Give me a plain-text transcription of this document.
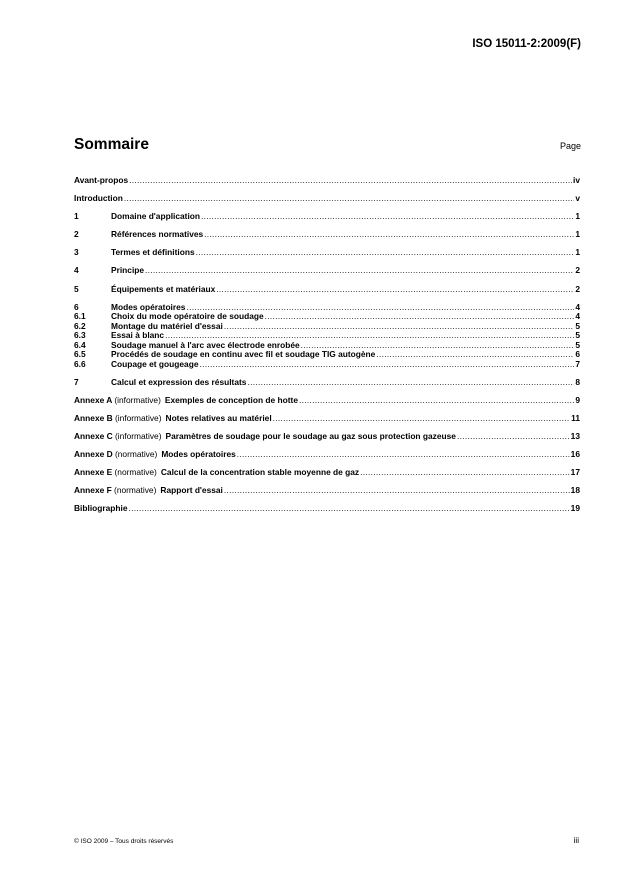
ISO 15011-2:2009(F)
Sommaire	Page
Avant-propos .....	iv
Introduction .....	v
1	Domaine d'application .....	1
2	Références normatives .....	1
3	Termes et définitions .....	1
4	Principe .....	2
5	Équipements et matériaux .....	2
6	Modes opératoires .....	4
6.1	Choix du mode opératoire de soudage .....	4
6.2	Montage du matériel d'essai .....	5
6.3	Essai à blanc .....	5
6.4	Soudage manuel à l'arc avec électrode enrobée .....	5
6.5	Procédés de soudage en continu avec fil et soudage TIG autogène .....	6
6.6	Coupage et gougeage .....	7
7	Calcul et expression des résultats .....	8
Annexe A (informative) Exemples de conception de hotte .....	9
Annexe B (informative) Notes relatives au matériel .....	11
Annexe C (informative) Paramètres de soudage pour le soudage au gaz sous protection gazeuse .....	13
Annexe D (normative) Modes opératoires .....	16
Annexe E (normative) Calcul de la concentration stable moyenne de gaz .....	17
Annexe F (normative) Rapport d'essai .....	18
Bibliographie .....	19
© ISO 2009 – Tous droits réservés	iii
